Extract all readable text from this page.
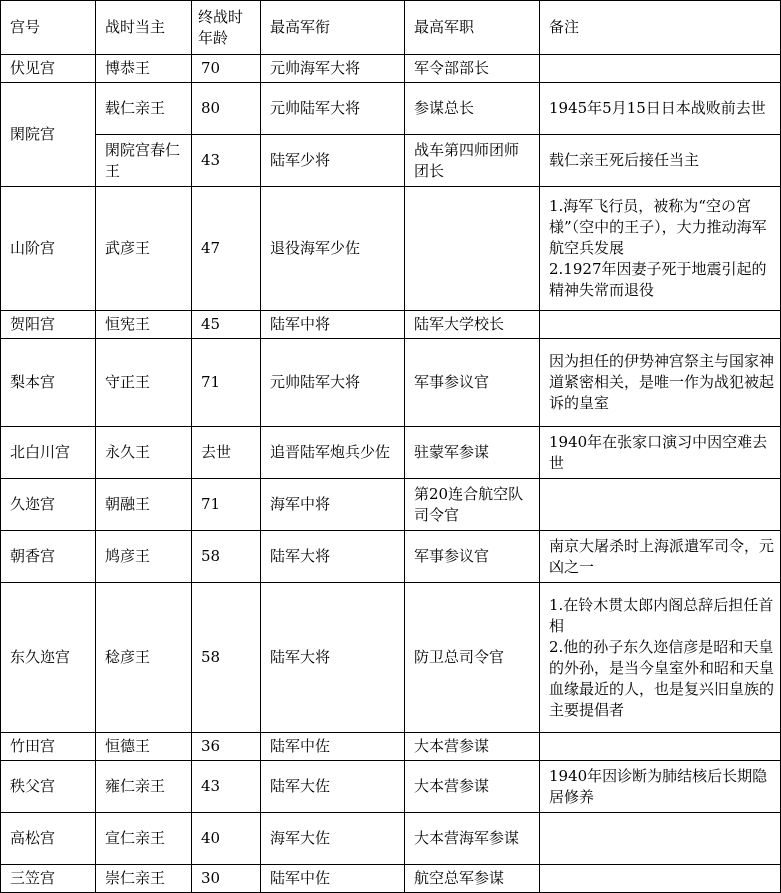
宫号	战时当主	终战时年龄	最高军衔	最高军职	备注
伏见宫	博恭王	70	元帅海军大将	军令部部长	
閑院宫	载仁亲王	80	元帅陆军大将	参谋总长	1945年5月15日日本战败前去世
	閑院宫春仁王	43	陆军少将	战车第四师团师团长	载仁亲王死后接任当主
山阶宫	武彦王	47	退役海军少佐		1.海军飞行员，被称为“空の宮様”（空中的王子），大力推动海军航空兵发展
2.1927年因妻子死于地震引起的精神失常而退役
贺阳宫	恒宪王	45	陆军中将	陆军大学校长	
梨本宫	守正王	71	元帅陆军大将	军事参议官	因为担任的伊势神宫祭主与国家神道紧密相关，是唯一作为战犯被起诉的皇室
北白川宫	永久王	去世	追晋陆军炮兵少佐	驻蒙军参谋	1940年在张家口演习中因空难去世
久迩宫	朝融王	71	海军中将	第20连合航空队司令官	
朝香宫	鸠彦王	58	陆军大将	军事参议官	南京大屠杀时上海派遣军司令，元凶之一
东久迩宫	稔彦王	58	陆军大将	防卫总司令官	1.在铃木贯太郎内阁总辞后担任首相
2.他的孙子东久迩信彦是昭和天皇的外孙，是当今皇室外和昭和天皇血缘最近的人，也是复兴旧皇族的主要提倡者
竹田宫	恒德王	36	陆军中佐	大本营参谋	
秩父宫	雍仁亲王	43	陆军大佐	大本营参谋	1940年因诊断为肺结核后长期隐居修养
高松宫	宣仁亲王	40	海军大佐	大本营海军参谋	
三笠宫	崇仁亲王	30	陆军中佐	航空总军参谋	
